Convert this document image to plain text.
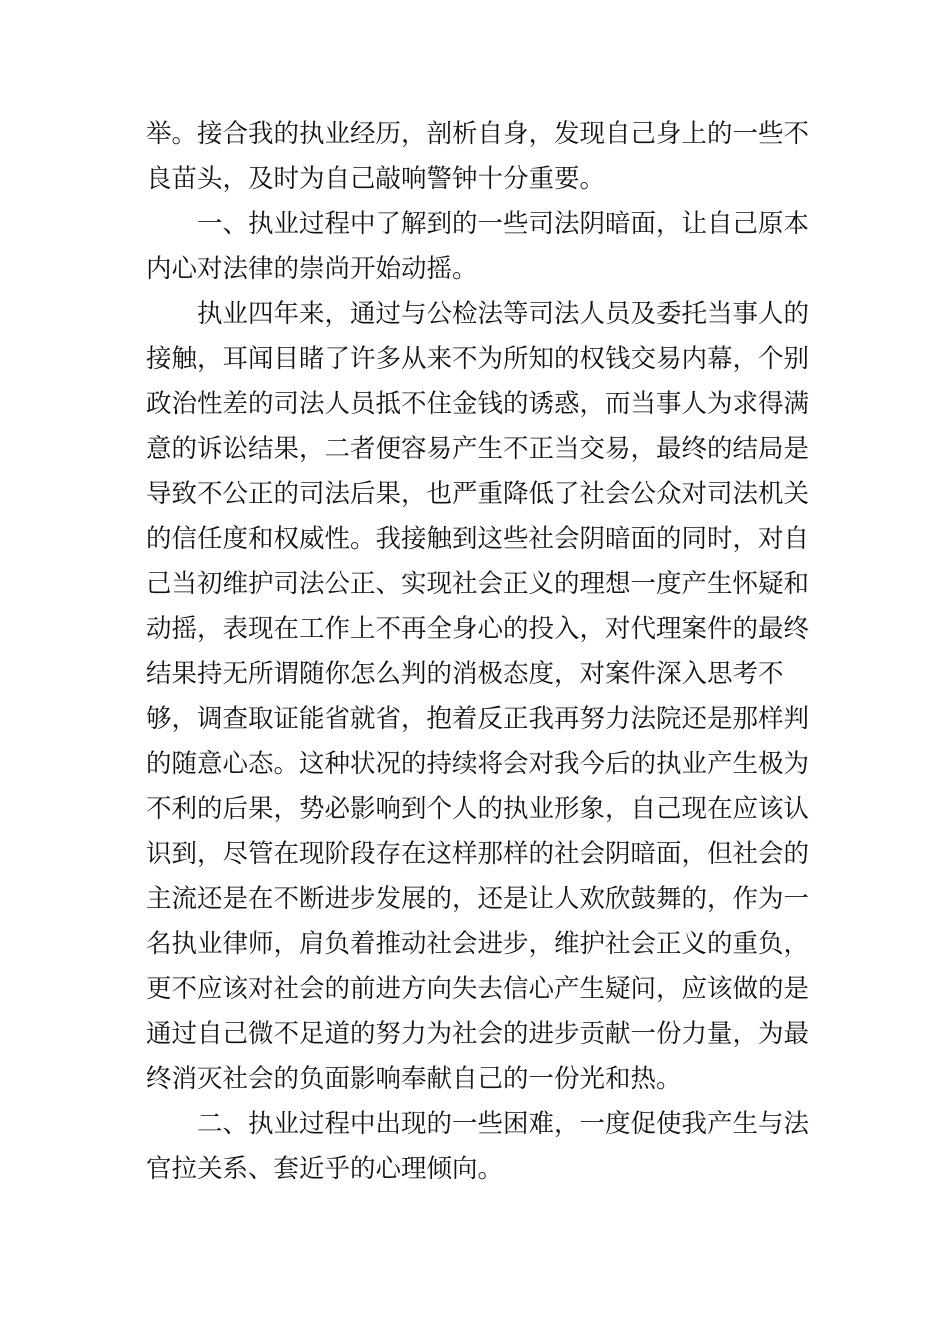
举。接合我的执业经历，剖析自身，发现自己身上的一些不
良苗头，及时为自己敲响警钟十分重要。
一、执业过程中了解到的一些司法阴暗面，让自己原本
内心对法律的崇尚开始动摇。
执业四年来，通过与公检法等司法人员及委托当事人的
接触，耳闻目睹了许多从来不为所知的权钱交易内幕，个别
政治性差的司法人员抵不住金钱的诱惑，而当事人为求得满
意的诉讼结果，二者便容易产生不正当交易，最终的结局是
导致不公正的司法后果，也严重降低了社会公众对司法机关
的信任度和权威性。我接触到这些社会阴暗面的同时，对自
己当初维护司法公正、实现社会正义的理想一度产生怀疑和
动摇，表现在工作上不再全身心的投入，对代理案件的最终
结果持无所谓随你怎么判的消极态度，对案件深入思考不
够，调查取证能省就省，抱着反正我再努力法院还是那样判
的随意心态。这种状况的持续将会对我今后的执业产生极为
不利的后果，势必影响到个人的执业形象，自己现在应该认
识到，尽管在现阶段存在这样那样的社会阴暗面，但社会的
主流还是在不断进步发展的，还是让人欢欣鼓舞的，作为一
名执业律师，肩负着推动社会进步，维护社会正义的重负，
更不应该对社会的前进方向失去信心产生疑问，应该做的是
通过自己微不足道的努力为社会的进步贡献一份力量，为最
终消灭社会的负面影响奉献自己的一份光和热。
二、执业过程中出现的一些困难，一度促使我产生与法
官拉关系、套近乎的心理倾向。
